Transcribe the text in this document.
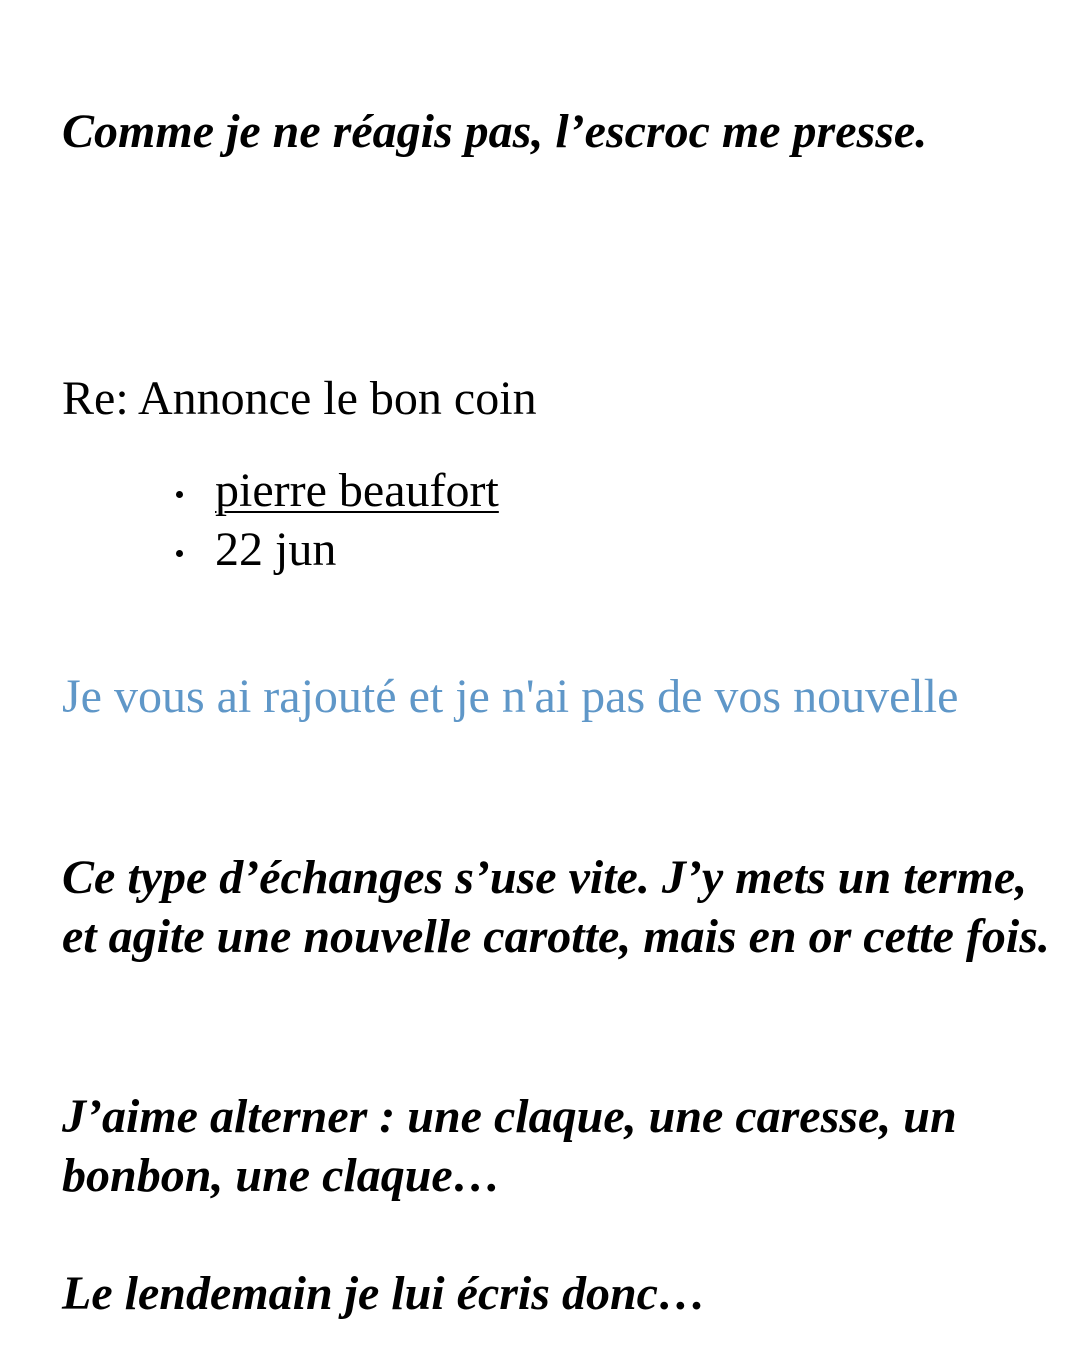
Comme je ne réagis pas, l’escroc me presse.

Re: Annonce le bon coin
pierre beaufort
22 jun

Je vous ai rajouté et je n'ai pas de vos nouvelle

Ce type d’échanges s’use vite. J’y mets un terme, et agite une nouvelle carotte, mais en or cette fois.

J’aime alterner : une claque, une caresse, un bonbon, une claque…

Le lendemain je lui écris donc…
